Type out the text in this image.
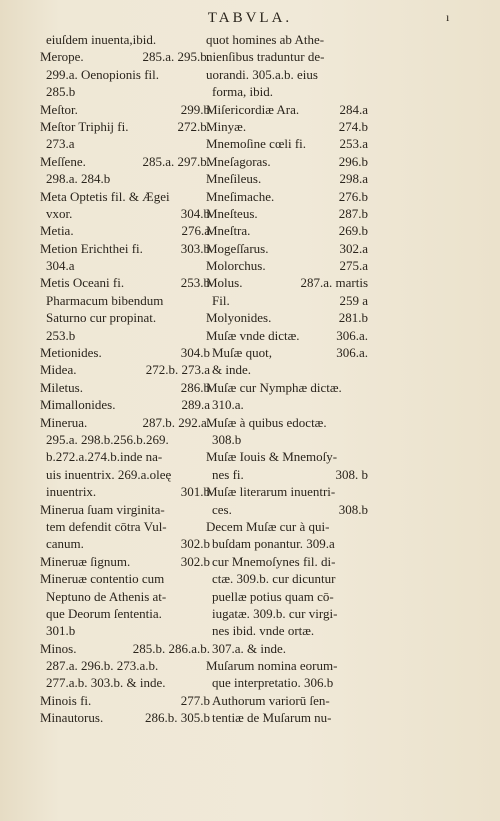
TABVLA.	ı
eiuſdem inuenta,ibid.
Merope.	285.a. 295.b.
299.a. Oenopionis fil.
285.b
Meſtor.	299.b
Meſtor Triphij fi.	272.b.
273.a
Meſſene.	285.a. 297.b.
298.a. 284.b
Meta Optetis fil. & Ægei
vxor.	304.b
Metia.	276.a
Metion Erichthei fi.	303.b
304.a
Metis Oceani fi.	253.b
Pharmacum bibendum
Saturno cur propinat.
253.b
Metionides.	304.b
Midea.	272.b. 273.a
Miletus.	286.b
Mimallonides.	289.a
Minerua.	287.b. 292.a.
295.a. 298.b.256.b.269.
b.272.a.274.b.inde na-
uis inuentrix. 269.a.oleę
inuentrix.	301.b
Minerua ſuam virginita-
tem defendit cōtra Vul-
canum.	302.b
Mineruæ ſignum.	302.b
Mineruæ contentio cum
Neptuno de Athenis at-
que Deorum ſententia.
301.b
Minos.	285.b. 286.a.b.
287.a. 296.b. 273.a.b.
277.a.b. 303.b. & inde.
Minois fi.	277.b
Minautorus.	286.b. 305.b
quot homines ab Athe-
nienſibus traduntur de-
uorandi. 305.a.b. eius
forma, ibid.
Miſericordiæ Ara.	284.a
Minyæ.	274.b
Mnemoſine cœli fi.	253.a
Mneſagoras.	296.b
Mneſileus.	298.a
Mneſimache.	276.b
Mneſteus.	287.b
Mneſtra.	269.b
Mogeſſarus.	302.a
Molorchus.	275.a
Molus.	287.a. martis
Fil.	259 a
Molyonides.	281.b
Muſæ vnde dictæ.	306.a.
Muſæ quot,	306.a.
& inde.
Muſæ cur Nymphæ dictæ.
310.a.
Muſæ à quibus edoctæ.
308.b
Muſæ Iouis & Mnemoſy-
nes fi.	308. b
Muſæ literarum inuentri-
ces.	308.b
Decem Muſæ cur à qui-
buſdam ponantur. 309.a
cur Mnemoſynes fil. di-
ctæ. 309.b. cur dicuntur
puellæ potius quam cō-
iugatæ. 309.b. cur virgi-
nes ibid. vnde ortæ.
307.a. & inde.
Muſarum nomina eorum-
que interpretatio. 306.b
Authorum variorū ſen-
tentiæ de Muſarum nu-
